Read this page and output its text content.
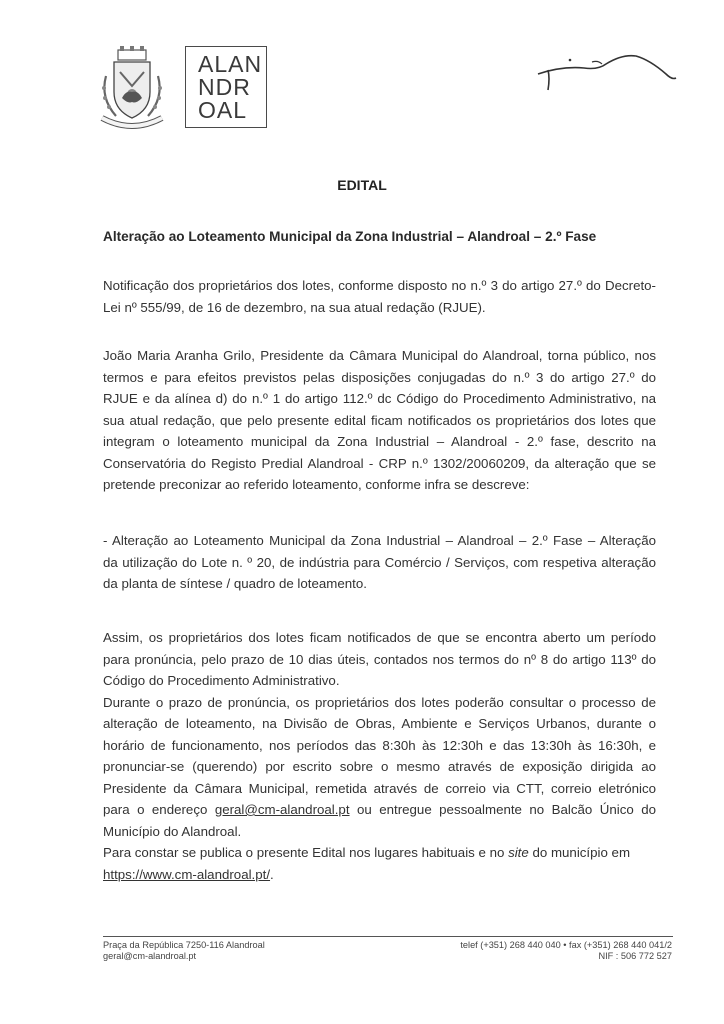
ALAN
NDR
OAL
EDITAL
Alteração ao Loteamento Municipal da Zona Industrial – Alandroal – 2.º Fase

Notificação dos proprietários dos lotes, conforme disposto no n.º 3 do artigo 27.º do Decreto-
Lei nº 555/99, de 16 de dezembro, na sua atual redação (RJUE).

João Maria Aranha Grilo, Presidente da Câmara Municipal do Alandroal, torna público, nos
termos e para efeitos previstos pelas disposições conjugadas do n.º 3 do artigo 27.º do
RJUE e da alínea d) do n.º 1 do artigo 112.º dc Código do Procedimento Administrativo, na
sua atual redação, que pelo presente edital ficam notificados os proprietários dos lotes que
integram o loteamento municipal da Zona Industrial – Alandroal - 2.º fase, descrito na
Conservatória do Registo Predial Alandroal - CRP n.º 1302/20060209, da alteração que se
pretende preconizar ao referido loteamento, conforme infra se descreve:

- Alteração ao Loteamento Municipal da Zona Industrial – Alandroal – 2.º Fase – Alteração
da utilização do Lote n. º 20, de indústria para Comércio / Serviços, com respetiva alteração
da planta de síntese / quadro de loteamento.

Assim, os proprietários dos lotes ficam notificados de que se encontra aberto um período
para pronúncia, pelo prazo de 10 dias úteis, contados nos termos do nº 8 do artigo 113º do
Código do Procedimento Administrativo.
Durante o prazo de pronúncia, os proprietários dos lotes poderão consultar o processo de
alteração de loteamento, na Divisão de Obras, Ambiente e Serviços Urbanos, durante o
horário de funcionamento, nos períodos das 8:30h às 12:30h e das 13:30h às 16:30h, e
pronunciar-se (querendo) por escrito sobre o mesmo através de exposição dirigida ao
Presidente da Câmara Municipal, remetida através de correio via CTT, correio eletrónico
para o endereço geral@cm-alandroal.pt ou entregue pessoalmente no Balcão Único do
Município do Alandroal.
Para constar se publica o presente Edital nos lugares habituais e no site do município em
https://www.cm-alandroal.pt/.

Praça da República 7250-116 Alandroal
geral@cm-alandroal.pt
telef (+351) 268 440 040 • fax (+351) 268 440 041/2
NIF : 506 772 527
